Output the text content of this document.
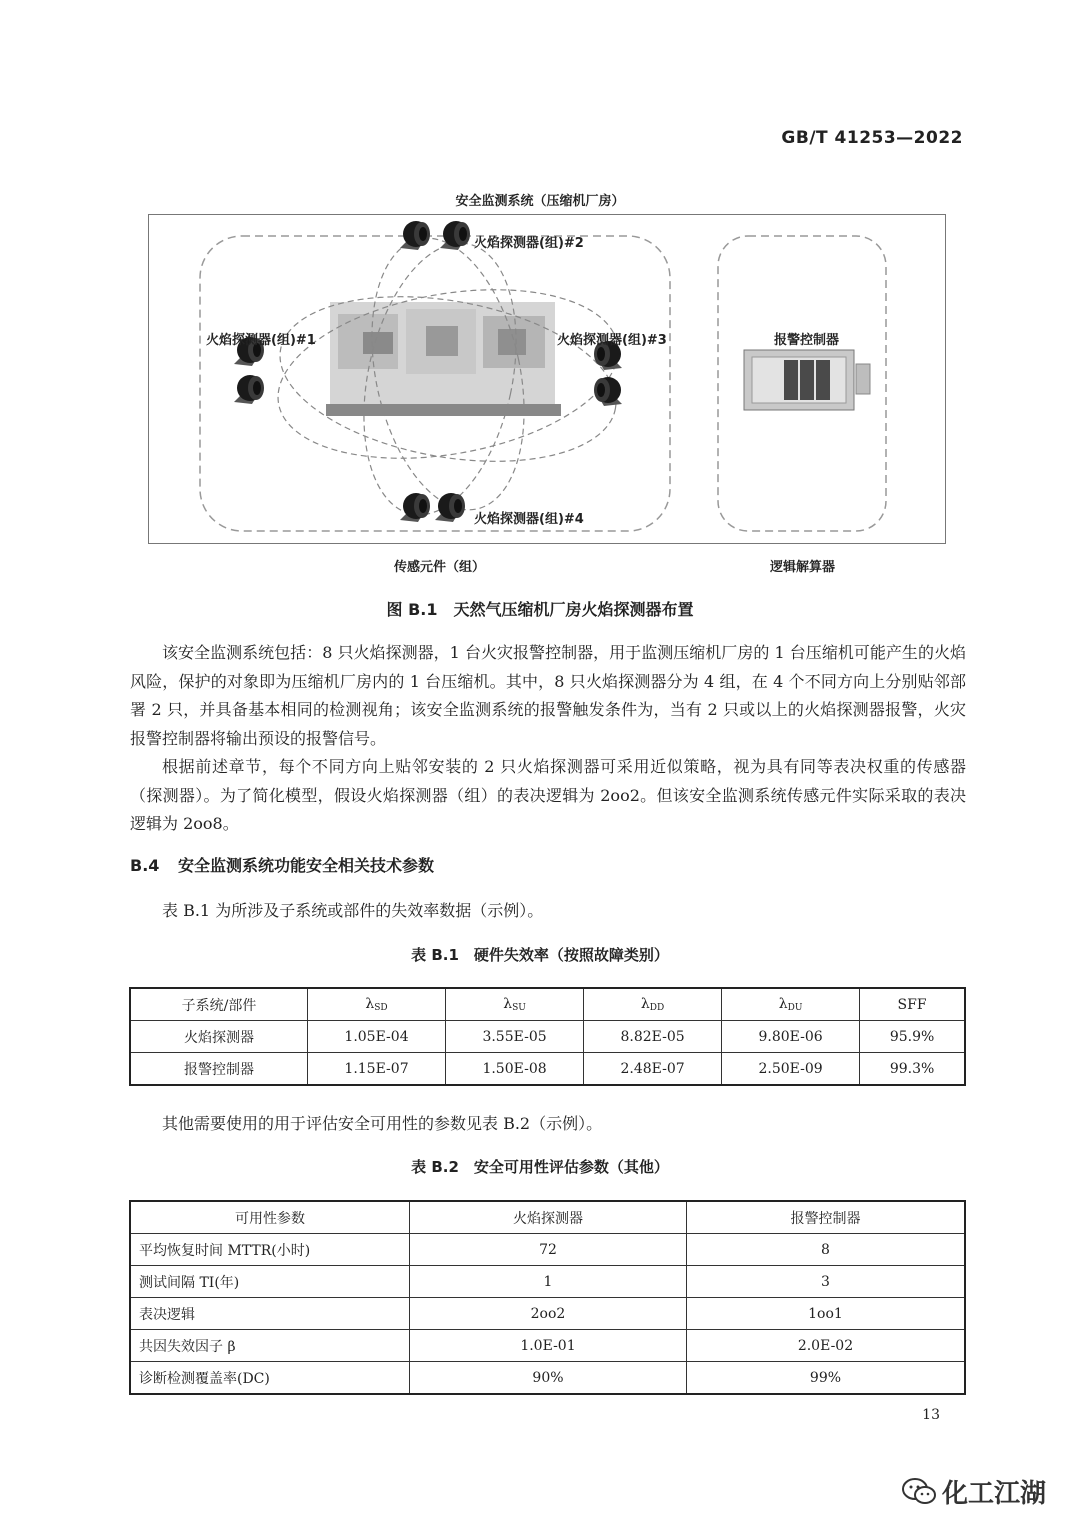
GB/T 41253—2022
安全监测系统（压缩机厂房）
火焰探测器(组)#2
火焰探测器(组)#1	火焰探测器(组)#3
火焰探测器(组)#4
报警控制器
传感元件（组）	逻辑解算器
图 B.1　天然气压缩机厂房火焰探测器布置

该安全监测系统包括：8 只火焰探测器，1 台火灾报警控制器，用于监测压缩机厂房的 1 台压缩机可能产生的火焰风险，保护的对象即为压缩机厂房内的 1 台压缩机。其中，8 只火焰探测器分为 4 组，在 4 个不同方向上分别贴邻部署 2 只，并具备基本相同的检测视角；该安全监测系统的报警触发条件为，当有 2 只或以上的火焰探测器报警，火灾报警控制器将输出预设的报警信号。

根据前述章节，每个不同方向上贴邻安装的 2 只火焰探测器可采用近似策略，视为具有同等表决权重的传感器（探测器）。为了简化模型，假设火焰探测器（组）的表决逻辑为 2oo2。但该安全监测系统传感元件实际采取的表决逻辑为 2oo8。

B.4 安全监测系统功能安全相关技术参数

表 B.1 为所涉及子系统或部件的失效率数据（示例）。

表 B.1　硬件失效率（按照故障类别）
子系统/部件	$\lambda_{SD}$	$\lambda_{SU}$	$\lambda_{DD}$	$\lambda_{DU}$	SFF
火焰探测器	1.05E-04	3.55E-05	8.82E-05	9.80E-06	95.9%
报警控制器	1.15E-07	1.50E-08	2.48E-07	2.50E-09	99.3%

其他需要使用的用于评估安全可用性的参数见表 B.2（示例）。

表 B.2　安全可用性评估参数（其他）
可用性参数	火焰探测器	报警控制器
平均恢复时间 MTTR(小时)	72	8
测试间隔 TI(年)	1	3
表决逻辑	2oo2	1oo1
共因失效因子 β	1.0E-01	2.0E-02
诊断检测覆盖率(DC)	90%	99%
13
化工江湖
